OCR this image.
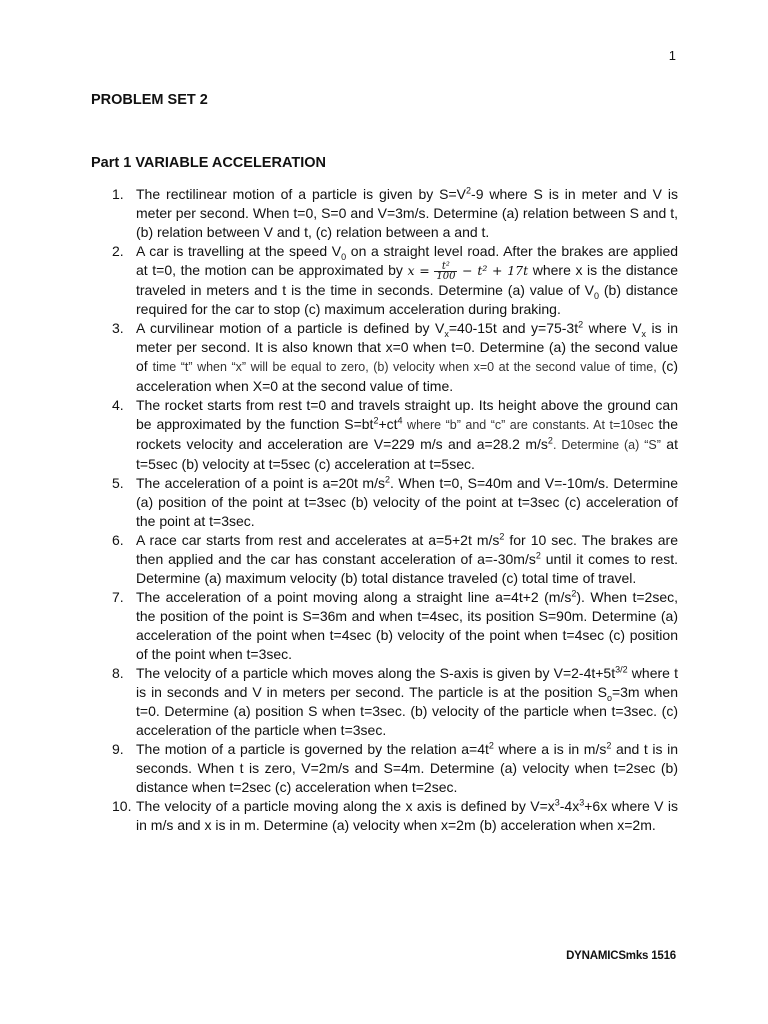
1
PROBLEM SET 2
Part 1 VARIABLE ACCELERATION
1. The rectilinear motion of a particle is given by $S=V^2-9$ where S is in meter and V is meter per second. When t=0, S=0 and V=3m/s. Determine (a) relation between S and t, (b) relation between V and t, (c) relation between a and t.
2. A car is travelling at the speed $V_0$ on a straight level road. After the brakes are applied at t=0, the motion can be approximated by $x = \frac{\text{t²}}{100} - t^2 + 17t$ where x is the distance traveled in meters and t is the time in seconds. Determine (a) value of $V_0$ (b) distance required for the car to stop (c) maximum acceleration during braking.
3. A curvilinear motion of a particle is defined by $V_x=40-15t$ and $y=75-3t^2$ where $V_x$ is in meter per second. It is also known that x=0 when t=0. Determine (a) the second value of time “t” when “x” will be equal to zero, (b) velocity when x=0 at the second value of time, (c) acceleration when X=0 at the second value of time.
4. The rocket starts from rest t=0 and travels straight up. Its height above the ground can be approximated by the function $S=bt^2+ct^4$ where “b” and “c” are constants. At t=10sec the rockets velocity and acceleration are V=229 m/s and a=28.2 $m/s^2$. Determine (a) “S” at t=5sec (b) velocity at t=5sec (c) acceleration at t=5sec.
5. The acceleration of a point is a=20t $m/s^2$. When t=0, S=40m and V=-10m/s. Determine (a) position of the point at t=3sec (b) velocity of the point at t=3sec (c) acceleration of the point at t=3sec.
6. A race car starts from rest and accelerates at a=5+2t $m/s^2$ for 10 sec. The brakes are then applied and the car has constant acceleration of $a=-30m/s^2$ until it comes to rest. Determine (a) maximum velocity (b) total distance traveled (c) total time of travel.
7. The acceleration of a point moving along a straight line a=4t+2 $(m/s^2)$. When t=2sec, the position of the point is S=36m and when t=4sec, its position S=90m. Determine (a) acceleration of the point when t=4sec (b) velocity of the point when t=4sec (c) position of the point when t=3sec.
8. The velocity of a particle which moves along the S-axis is given by $V=2-4t+5t^{3/2}$ where t is in seconds and V in meters per second. The particle is at the position $S_o=3m$ when t=0. Determine (a) position S when t=3sec. (b) velocity of the particle when t=3sec. (c) acceleration of the particle when t=3sec.
9. The motion of a particle is governed by the relation $a=4t^2$ where a is in $m/s^2$ and t is in seconds. When t is zero, V=2m/s and S=4m. Determine (a) velocity when t=2sec (b) distance when t=2sec (c) acceleration when t=2sec.
10. The velocity of a particle moving along the x axis is defined by $V=x^3-4x^3+6x$ where V is in m/s and x is in m. Determine (a) velocity when x=2m (b) acceleration when x=2m.
DYNAMICSmks 1516
